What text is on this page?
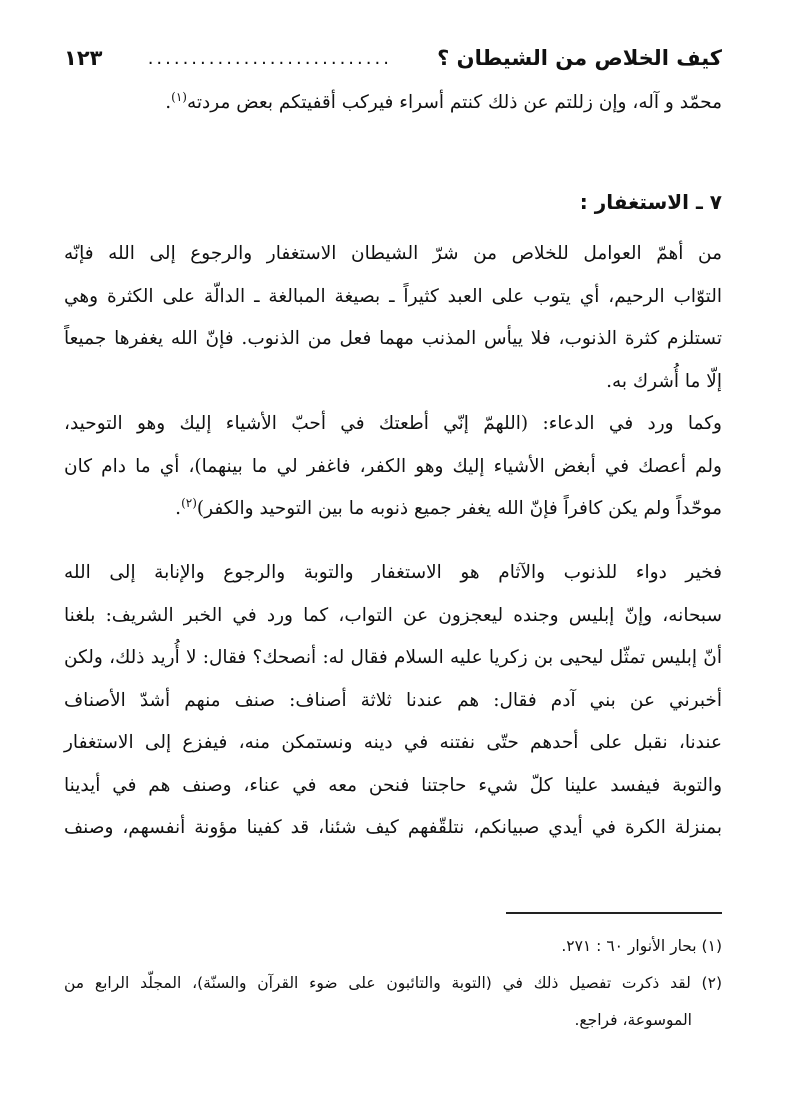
كيف الخلاص من الشيطان ؟
............................
١٢٣
محمّد و آله، وإن زللتم عن ذلك كنتم أسراء فيركب أقفيتكم بعض مردته$^{(١)}$.
٧ ـ الاستغفار :
من أهمّ العوامل للخلاص من شرّ الشيطان الاستغفار والرجوع إلى الله فإنّه
التوّاب الرحيم، أي يتوب على العبد كثيراً ـ بصيغة المبالغة ـ الدالّة على الكثرة وهي
تستلزم كثرة الذنوب، فلا ييأس المذنب مهما فعل من الذنوب. فإنّ الله يغفرها جميعاً
إلّا ما أُشرك به.
وكما ورد في الدعاء: (اللهمّ إنّي أطعتك في أحبّ الأشياء إليك وهو التوحيد،
ولم أعصك في أبغض الأشياء إليك وهو الكفر، فاغفر لي ما بينهما)، أي ما دام كان
موحّداً ولم يكن كافراً فإنّ الله يغفر جميع ذنوبه ما بين التوحيد والكفر)$^{(٢)}$.
فخير دواء للذنوب والآثام هو الاستغفار والتوبة والرجوع والإنابة إلى الله
سبحانه، وإنّ إبليس وجنده ليعجزون عن التواب، كما ورد في الخبر الشريف: بلغنا
أنّ إبليس تمثّل ليحيى بن زكريا عليه السلام فقال له: أنصحك؟ فقال: لا أُريد ذلك، ولكن
أخبرني عن بني آدم فقال: هم عندنا ثلاثة أصناف: صنف منهم أشدّ الأصناف
عندنا، نقبل على أحدهم حتّى نفتنه في دينه ونستمكن منه، فيفزع إلى الاستغفار
والتوبة فيفسد علينا كلّ شيء حاجتنا فنحن معه في عناء، وصنف هم في أيدينا
بمنزلة الكرة في أيدي صبيانكم، نتلقّفهم كيف شئنا، قد كفينا مؤونة أنفسهم، وصنف
(١) بحار الأنوار ٦٠ : ٢٧١.
(٢) لقد ذكرت تفصيل ذلك في (التوبة والتائبون على ضوء القرآن والسنّة)، المجلّد الرابع من
الموسوعة، فراجع.
